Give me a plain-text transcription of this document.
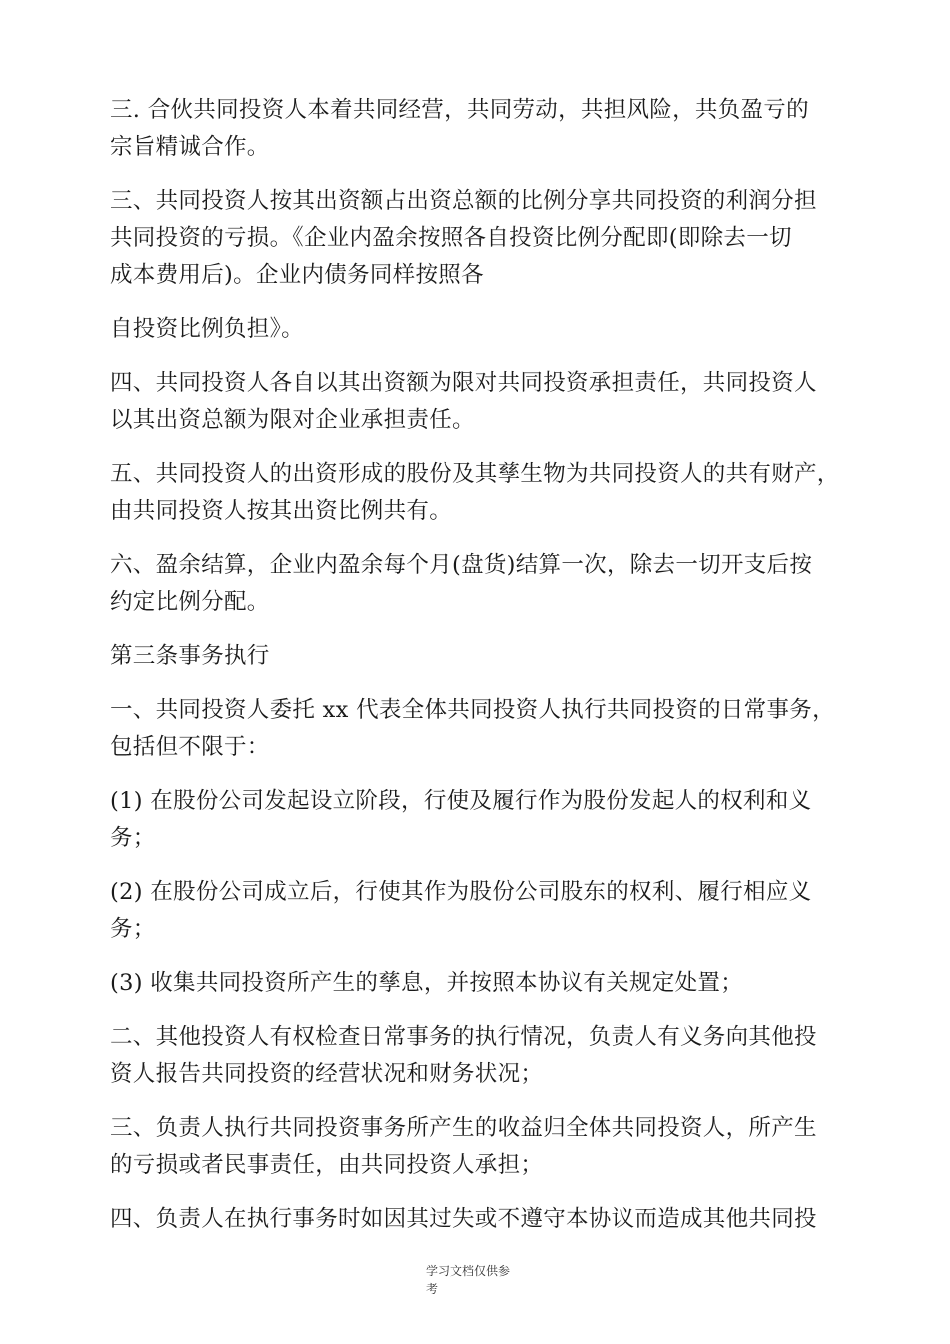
三. 合伙共同投资人本着共同经营，共同劳动，共担风险，共负盈亏的
宗旨精诚合作。

三、共同投资人按其出资额占出资总额的比例分享共同投资的利润分担
共同投资的亏损。《企业内盈余按照各自投资比例分配即(即除去一切
成本费用后)。企业内债务同样按照各

自投资比例负担》。

四、共同投资人各自以其出资额为限对共同投资承担责任，共同投资人
以其出资总额为限对企业承担责任。

五、共同投资人的出资形成的股份及其孳生物为共同投资人的共有财产，
由共同投资人按其出资比例共有。

六、盈余结算，企业内盈余每个月(盘货)结算一次，除去一切开支后按
约定比例分配。

第三条事务执行

一、共同投资人委托 xx 代表全体共同投资人执行共同投资的日常事务，
包括但不限于：

(1) 在股份公司发起设立阶段，行使及履行作为股份发起人的权利和义
务；

(2) 在股份公司成立后，行使其作为股份公司股东的权利、履行相应义
务；

(3) 收集共同投资所产生的孳息，并按照本协议有关规定处置；

二、其他投资人有权检查日常事务的执行情况，负责人有义务向其他投
资人报告共同投资的经营状况和财务状况；

三、负责人执行共同投资事务所产生的收益归全体共同投资人，所产生
的亏损或者民事责任，由共同投资人承担；

四、负责人在执行事务时如因其过失或不遵守本协议而造成其他共同投

学习文档仅供参
考
